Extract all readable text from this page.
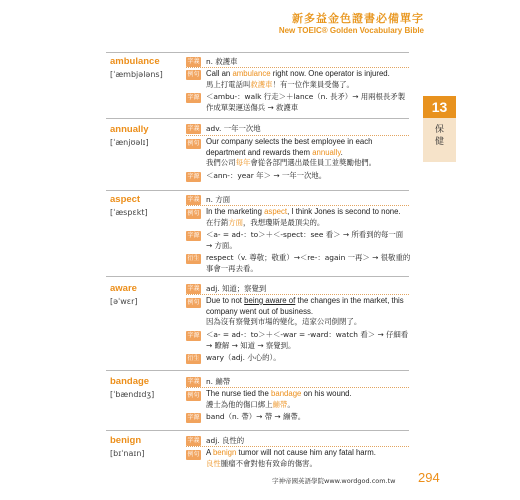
新多益金色證書必備單字
New TOEIC® Golden Vocabulary Bible
13
保健
ambulance
[ˈæmbjələns]
字義 n. 救護車
例句 Call an ambulance right now. One operator is injured.
馬上打電話叫救護車！有一位作業員受傷了。
字源 ＜ambu-：walk 行走＞＋lance（n. 長矛）→ 用兩根長矛製作成單架運送傷兵 → 救護車
annually
[ˈænjʊəlɪ]
字義 adv. 一年一次地
例句 Our company selects the best employee in each department and rewards them annually.
我們公司每年會從各部門選出最佳員工並獎勵他們。
字源 ＜ann-：year 年＞ → 一年一次地。
aspect
[ˈæspɛkt]
字義 n. 方面
例句 In the marketing aspect, I think Jones is second to none.
在行銷方面，我想瓊斯是最頂尖的。
字源 ＜a- = ad-：to＞＋＜-spect：see 看＞ → 所看到的每一面 → 方面。
衍生 respect（v. 尊敬；敬重）→＜re-：again 一再＞ → 很敬重的事會一再去看。
aware
[əˈwɛr]
字義 adj. 知道；察覺到
例句 Due to not being aware of the changes in the market, this company went out of business.
因為沒有察覺到市場的變化，這家公司倒閉了。
字源 ＜a- = ad-：to＞＋＜-war = -ward：watch 看＞ → 仔細看 → 瞭解 → 知道 → 察覺到。
衍生 wary（adj. 小心的）。
bandage
[ˈbændɪdʒ]
字義 n. 繃帶
例句 The nurse tied the bandage on his wound.
護士為他的傷口綁上繃帶。
字源 band（n. 帶）→ 帶 → 繃帶。
benign
[bɪˈnaɪn]
字義 adj. 良性的
例句 A benign tumor will not cause him any fatal harm.
良性腫瘤不會對他有致命的傷害。
字神帝國英語學院www.wordgod.com.tw 294
